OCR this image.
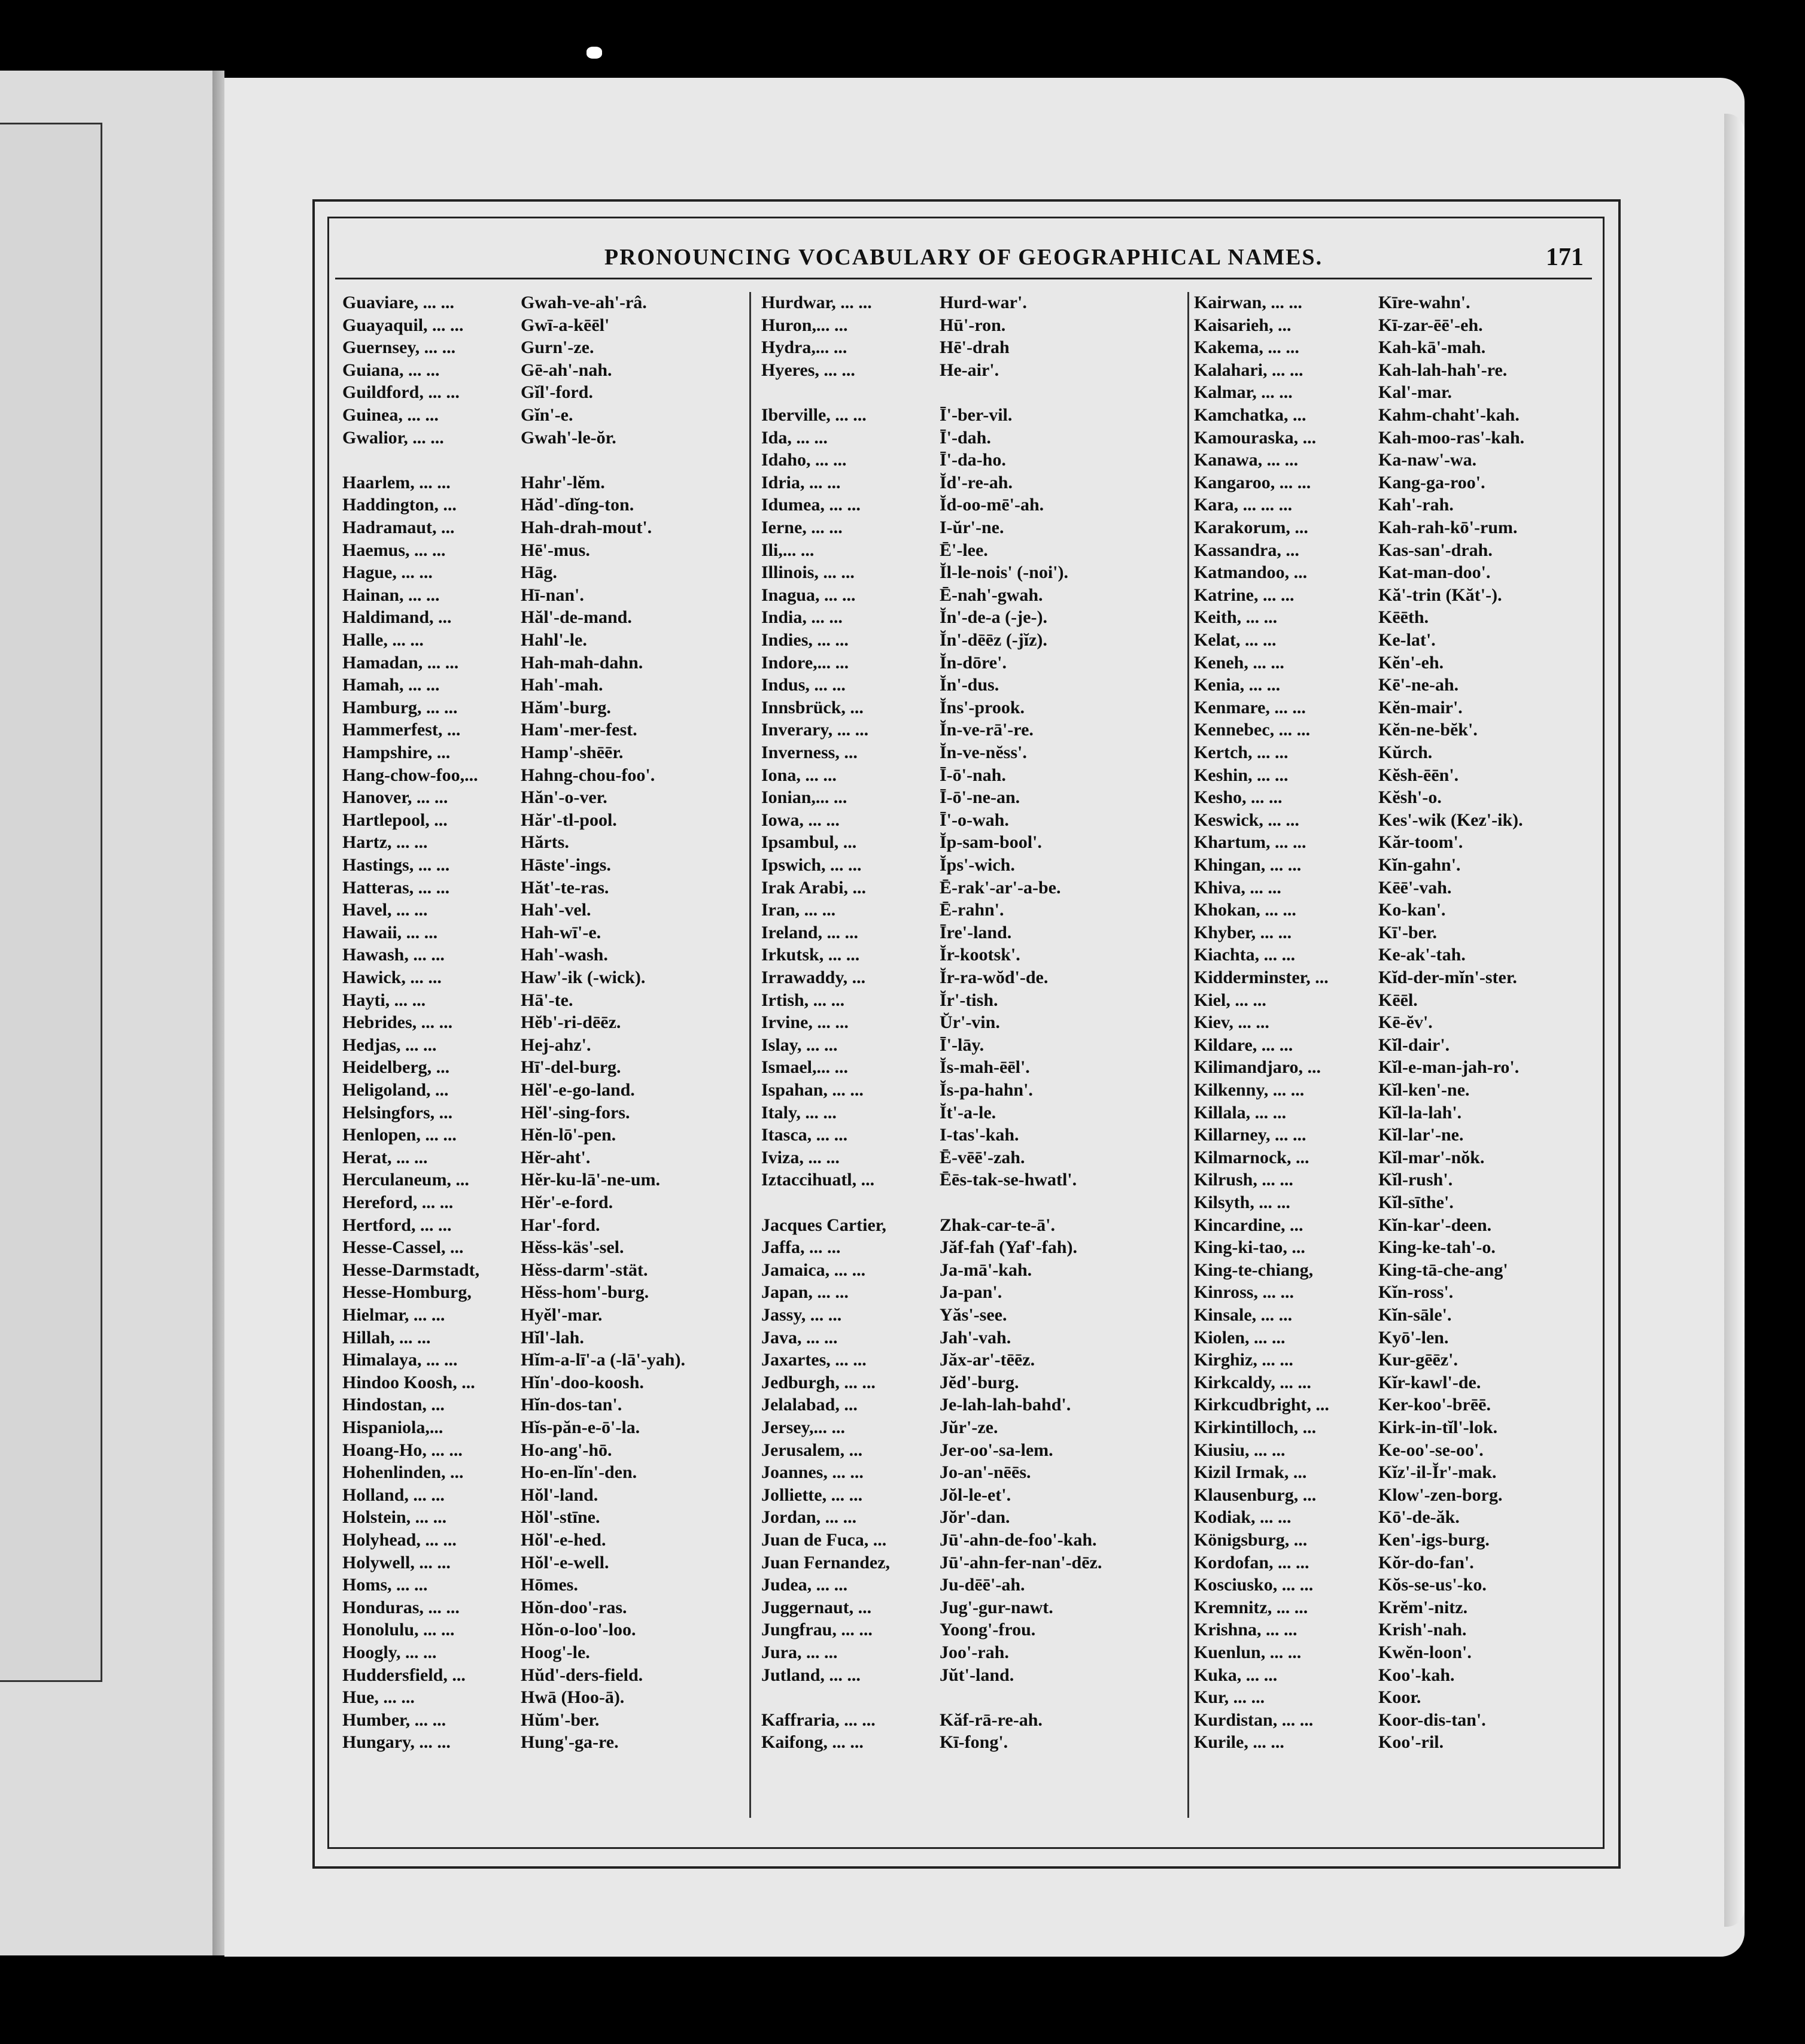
PRONOUNCING VOCABULARY OF GEOGRAPHICAL NAMES.	171
Guaviare, ... ...	Gwah-ve-ah'-râ.
Guayaquil, ... ...	Gwī-a-kēēl'
Guernsey, ... ...	Gurn'-ze.
Guiana, ... ...	Gē-ah'-nah.
Guildford, ... ...	Gĭl'-ford.
Guinea, ... ...	Gĭn'-e.
Gwalior, ... ...	Gwah'-le-ŏr.
Haarlem, ... ...	Hahr'-lĕm.
Haddington, ...	Hăd'-dĭng-ton.
Hadramaut, ...	Hah-drah-mout'.
Haemus, ... ...	Hē'-mus.
Hague, ... ...	Hāg.
Hainan, ... ...	Hī-nan'.
Haldimand, ...	Hăl'-de-mand.
Halle, ... ...	Hahl'-le.
Hamadan, ... ...	Hah-mah-dahn.
Hamah, ... ...	Hah'-mah.
Hamburg, ... ...	Hăm'-burg.
Hammerfest, ...	Ham'-mer-fest.
Hampshire, ...	Hamp'-shēēr.
Hang-chow-foo,... Hahng-chou-foo'.
Hanover, ... ...	Hăn'-o-ver.
Hartlepool, ...	Hăr'-tl-pool.
Hartz, ... ...	Hărts.
Hastings, ... ...	Hāste'-ings.
Hatteras, ... ...	Hăt'-te-ras.
Havel, ... ...	Hah'-vel.
Hawaii, ... ...	Hah-wī'-e.
Hawash, ... ...	Hah'-wash.
Hawick, ... ...	Haw'-ik (-wick).
Hayti, ... ...	Hā'-te.
Hebrides, ... ...	Hĕb'-ri-dēēz.
Hedjas, ... ...	Hej-ahz'.
Heidelberg, ...	Hī'-del-burg.
Heligoland, ...	Hĕl'-e-go-land.
Helsingfors, ...	Hĕl'-sing-fors.
Henlopen, ... ...	Hĕn-lō'-pen.
Herat, ... ...	Hĕr-aht'.
Herculaneum, ...	Hĕr-ku-lā'-ne-um.
Hereford, ... ...	Hĕr'-e-ford.
Hertford, ... ...	Har'-ford.
Hesse-Cassel, ...	Hĕss-käs'-sel.
Hesse-Darmstadt, Hĕss-darm'-stät.
Hesse-Homburg,	Hĕss-hom'-burg.
Hielmar, ... ...	Hyĕl'-mar.
Hillah, ... ...	Hĭl'-lah.
Himalaya, ... ...	Hĭm-a-lī'-a (-lā'-yah).
Hindoo Koosh, ...	Hĭn'-doo-koosh.
Hindostan, ...	Hĭn-dos-tan'.
Hispaniola,...	Hĭs-păn-e-ō'-la.
Hoang-Ho, ... ...	Ho-ang'-hō.
Hohenlinden, ...	Ho-en-lĭn'-den.
Holland, ... ...	Hŏl'-land.
Holstein, ... ...	Hŏl'-stīne.
Holyhead, ... ...	Hŏl'-e-hed.
Holywell, ... ...	Hŏl'-e-well.
Homs, ... ...	Hōmes.
Honduras, ... ...	Hŏn-doo'-ras.
Honolulu, ... ...	Hŏn-o-loo'-loo.
Hoogly, ... ...	Hoog'-le.
Huddersfield, ...	Hŭd'-ders-field.
Hue, ... ...	Hwā (Hoo-ā).
Humber, ... ...	Hŭm'-ber.
Hungary, ... ...	Hung'-ga-re.
Hurdwar, ... ...	Hurd-war'.
Huron,... ...	Hū'-ron.
Hydra,... ...	Hē'-drah
Hyeres, ... ...	He-air'.
Iberville, ... ...	Ī'-ber-vil.
Ida, ... ...	Ī'-dah.
Idaho, ... ...	Ī'-da-ho.
Idria, ... ...	Ĭd'-re-ah.
Idumea, ... ...	Ĭd-oo-mē'-ah.
Ierne, ... ...	I-ŭr'-ne.
Ili,... ...	Ē'-lee.
Illinois, ... ...	Ĭl-le-nois' (-noi').
Inagua, ... ...	Ē-nah'-gwah.
India, ... ...	Ĭn'-de-a (-je-).
Indies, ... ...	Ĭn'-dēēz (-jĭz).
Indore,... ...	Ĭn-dōre'.
Indus, ... ...	Ĭn'-dus.
Innsbrück, ...	Ĭns'-prook.
Inverary, ... ...	Ĭn-ve-rā'-re.
Inverness, ...	Ĭn-ve-nĕss'.
Iona, ... ...	Ī-ō'-nah.
Ionian,... ...	Ī-ō'-ne-an.
Iowa, ... ...	Ī'-o-wah.
Ipsambul, ...	Ĭp-sam-bool'.
Ipswich, ... ...	Ĭps'-wich.
Irak Arabi, ...	Ē-rak'-ar'-a-be.
Iran, ... ...	Ē-rahn'.
Ireland, ... ...	Īre'-land.
Irkutsk, ... ...	Ĭr-kootsk'.
Irrawaddy, ...	Ĭr-ra-wŏd'-de.
Irtish, ... ...	Ĭr'-tish.
Irvine, ... ...	Ŭr'-vin.
Islay, ... ...	Ī'-lāy.
Ismael,... ...	Ĭs-mah-ēēl'.
Ispahan, ... ...	Ĭs-pa-hahn'.
Italy, ... ...	Ĭt'-a-le.
Itasca, ... ...	I-tas'-kah.
Iviza, ... ...	Ē-vēē'-zah.
Iztaccihuatl, ...	Ēēs-tak-se-hwatl'.
Jacques Cartier,	Zhak-car-te-ā'.
Jaffa, ... ...	Jăf-fah (Yaf'-fah).
Jamaica, ... ...	Ja-mā'-kah.
Japan, ... ...	Ja-pan'.
Jassy, ... ...	Yăs'-see.
Java, ... ...	Jah'-vah.
Jaxartes, ... ...	Jăx-ar'-tēēz.
Jedburgh, ... ...	Jĕd'-burg.
Jelalabad, ...	Je-lah-lah-bahd'.
Jersey,... ...	Jŭr'-ze.
Jerusalem, ...	Jer-oo'-sa-lem.
Joannes, ... ...	Jo-an'-nēēs.
Jolliette, ... ...	Jŏl-le-et'.
Jordan, ... ...	Jŏr'-dan.
Juan de Fuca, ...	Jū'-ahn-de-foo'-kah.
Juan Fernandez,	Jū'-ahn-fer-nan'-dēz.
Judea, ... ...	Ju-dēē'-ah.
Juggernaut, ...	Jug'-gur-nawt.
Jungfrau, ... ...	Yoong'-frou.
Jura, ... ...	Joo'-rah.
Jutland, ... ...	Jŭt'-land.
Kaffraria, ... ...	Kăf-rā-re-ah.
Kaifong, ... ...	Kī-fong'.
Kairwan, ... ...	Kīre-wahn'.
Kaisarieh, ...	Kī-zar-ēē'-eh.
Kakema, ... ...	Kah-kā'-mah.
Kalahari, ... ...	Kah-lah-hah'-re.
Kalmar, ... ...	Kal'-mar.
Kamchatka, ...	Kahm-chaht'-kah.
Kamouraska, ...	Kah-moo-ras'-kah.
Kanawa, ... ...	Ka-naw'-wa.
Kangaroo, ... ...	Kang-ga-roo'.
Kara, ... ... ...	Kah'-rah.
Karakorum, ...	Kah-rah-kō'-rum.
Kassandra, ...	Kas-san'-drah.
Katmandoo, ...	Kat-man-doo'.
Katrine, ... ...	Kă'-trin (Kăt'-).
Keith, ... ...	Kēēth.
Kelat, ... ...	Ke-lat'.
Keneh, ... ...	Kĕn'-eh.
Kenia, ... ...	Kē'-ne-ah.
Kenmare, ... ...	Kĕn-mair'.
Kennebec, ... ...	Kĕn-ne-bĕk'.
Kertch, ... ...	Kŭrch.
Keshin, ... ...	Kĕsh-ēēn'.
Kesho, ... ...	Kĕsh'-o.
Keswick, ... ...	Kes'-wik (Kez'-ik).
Khartum, ... ...	Kăr-toom'.
Khingan, ... ...	Kĭn-gahn'.
Khiva, ... ...	Kēē'-vah.
Khokan, ... ...	Ko-kan'.
Khyber, ... ...	Kī'-ber.
Kiachta, ... ...	Ke-ak'-tah.
Kidderminster, ...	Kĭd-der-mĭn'-ster.
Kiel, ... ...	Kēēl.
Kiev, ... ...	Kē-ĕv'.
Kildare, ... ...	Kĭl-dair'.
Kilimandjaro, ...	Kĭl-e-man-jah-ro'.
Kilkenny, ... ...	Kĭl-ken'-ne.
Killala, ... ...	Kĭl-la-lah'.
Killarney, ... ...	Kĭl-lar'-ne.
Kilmarnock, ...	Kĭl-mar'-nŏk.
Kilrush, ... ...	Kĭl-rush'.
Kilsyth, ... ...	Kĭl-sīthe'.
Kincardine, ...	Kĭn-kar'-deen.
King-ki-tao, ...	King-ke-tah'-o.
King-te-chiang,	King-tā-che-ang'
Kinross, ... ...	Kĭn-ross'.
Kinsale, ... ...	Kĭn-sāle'.
Kiolen, ... ...	Kyō'-len.
Kirghiz, ... ...	Kur-gēēz'.
Kirkcaldy, ... ...	Kĭr-kawl'-de.
Kirkcudbright, ...	Ker-koo'-brēē.
Kirkintilloch, ...	Kirk-in-tĭl'-lok.
Kiusiu, ... ...	Ke-oo'-se-oo'.
Kizil Irmak, ...	Kĭz'-il-Ĭr'-mak.
Klausenburg, ...	Klow'-zen-borg.
Kodiak, ... ...	Kō'-de-ăk.
Königsburg, ...	Ken'-igs-burg.
Kordofan, ... ...	Kŏr-do-fan'.
Kosciusko, ... ...	Kŏs-se-us'-ko.
Kremnitz, ... ...	Krĕm'-nitz.
Krishna, ... ...	Krish'-nah.
Kuenlun, ... ...	Kwĕn-loon'.
Kuka, ... ...	Koo'-kah.
Kur, ... ...	Koor.
Kurdistan, ... ...	Koor-dis-tan'.
Kurile, ... ...	Koo'-ril.
